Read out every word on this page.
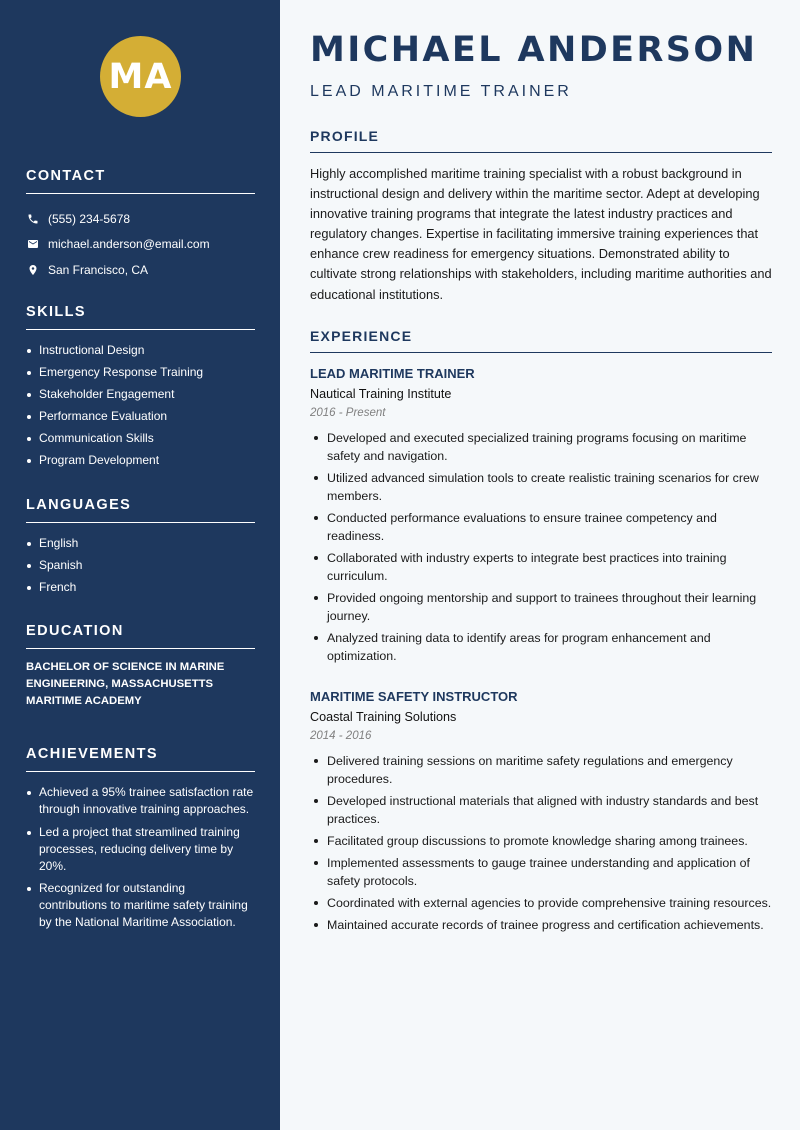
MA
CONTACT
(555) 234-5678
michael.anderson@email.com
San Francisco, CA
SKILLS
Instructional Design
Emergency Response Training
Stakeholder Engagement
Performance Evaluation
Communication Skills
Program Development
LANGUAGES
English
Spanish
French
EDUCATION
BACHELOR OF SCIENCE IN MARINE ENGINEERING, MASSACHUSETTS MARITIME ACADEMY
ACHIEVEMENTS
Achieved a 95% trainee satisfaction rate through innovative training approaches.
Led a project that streamlined training processes, reducing delivery time by 20%.
Recognized for outstanding contributions to maritime safety training by the National Maritime Association.
MICHAEL ANDERSON
LEAD MARITIME TRAINER
PROFILE
Highly accomplished maritime training specialist with a robust background in instructional design and delivery within the maritime sector. Adept at developing innovative training programs that integrate the latest industry practices and regulatory changes. Expertise in facilitating immersive training experiences that enhance crew readiness for emergency situations. Demonstrated ability to cultivate strong relationships with stakeholders, including maritime authorities and educational institutions.
EXPERIENCE
LEAD MARITIME TRAINER
Nautical Training Institute
2016 - Present
Developed and executed specialized training programs focusing on maritime safety and navigation.
Utilized advanced simulation tools to create realistic training scenarios for crew members.
Conducted performance evaluations to ensure trainee competency and readiness.
Collaborated with industry experts to integrate best practices into training curriculum.
Provided ongoing mentorship and support to trainees throughout their learning journey.
Analyzed training data to identify areas for program enhancement and optimization.
MARITIME SAFETY INSTRUCTOR
Coastal Training Solutions
2014 - 2016
Delivered training sessions on maritime safety regulations and emergency procedures.
Developed instructional materials that aligned with industry standards and best practices.
Facilitated group discussions to promote knowledge sharing among trainees.
Implemented assessments to gauge trainee understanding and application of safety protocols.
Coordinated with external agencies to provide comprehensive training resources.
Maintained accurate records of trainee progress and certification achievements.
